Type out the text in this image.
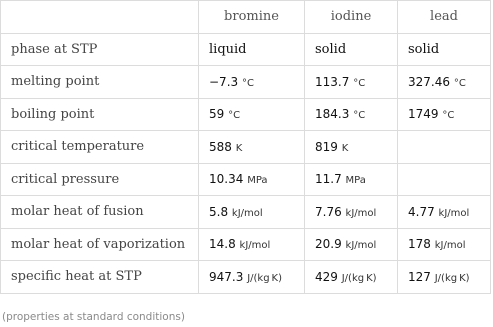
	bromine	iodine	lead
phase at STP	liquid	solid	solid
melting point	−7.3 °C	113.7 °C	327.46 °C
boiling point	59 °C	184.3 °C	1749 °C
critical temperature	588 K	819 K	
critical pressure	10.34 MPa	11.7 MPa	
molar heat of fusion	5.8 kJ/mol	7.76 kJ/mol	4.77 kJ/mol
molar heat of vaporization	14.8 kJ/mol	20.9 kJ/mol	178 kJ/mol
specific heat at STP	947.3 J/(kg K)	429 J/(kg K)	127 J/(kg K)
(properties at standard conditions)
